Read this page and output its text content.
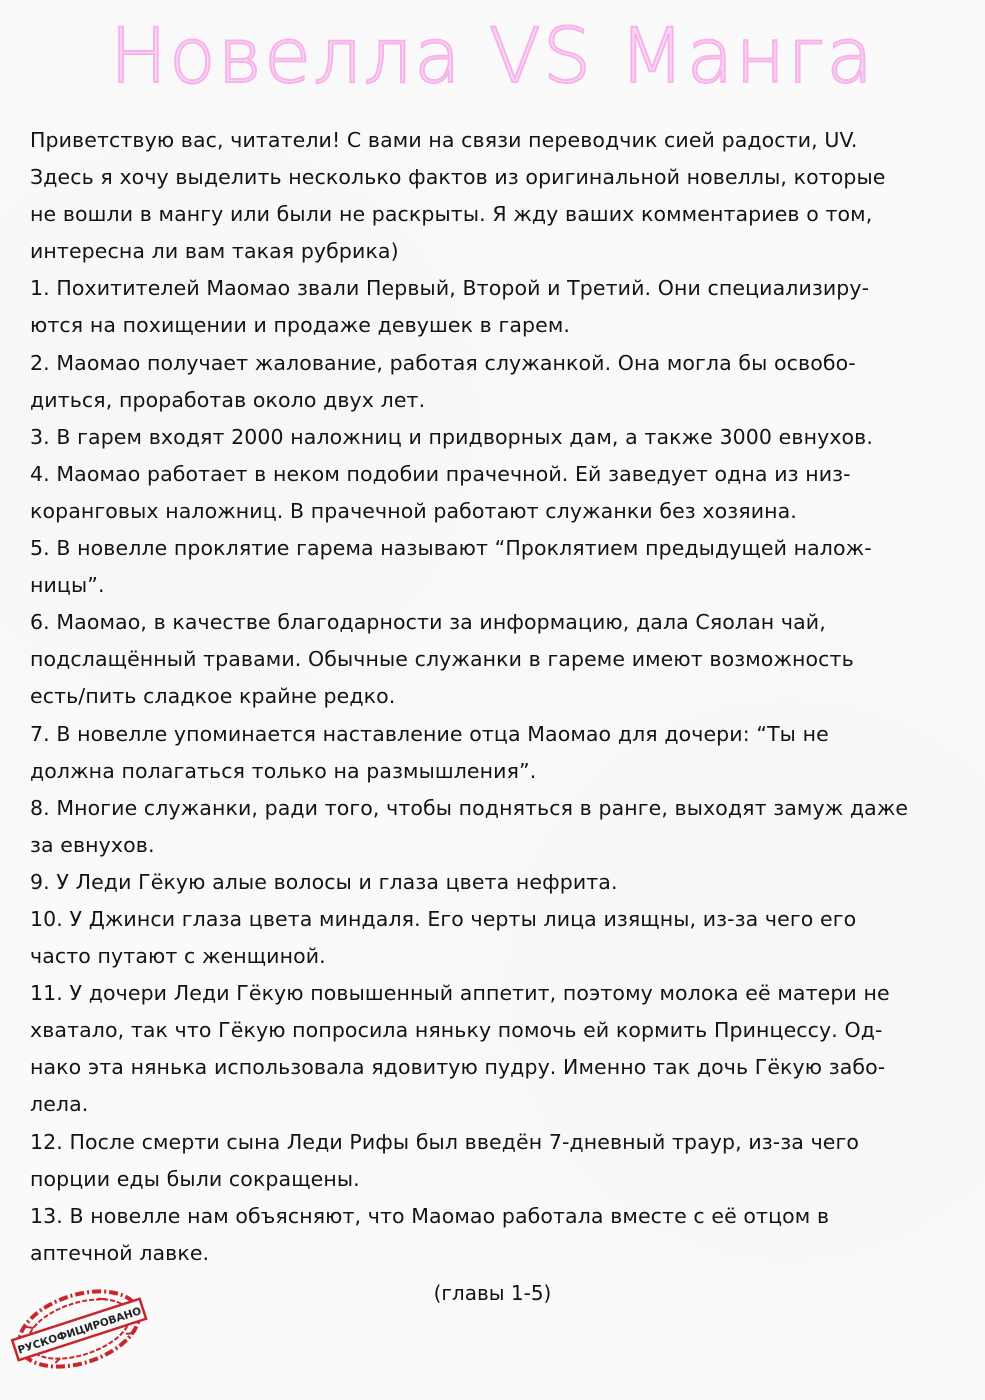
Новелла VS Манга
Приветствую вас, читатели! С вами на связи переводчик сией радости, UV.
Здесь я хочу выделить несколько фактов из оригинальной новеллы, которые
не вошли в мангу или были не раскрыты. Я жду ваших комментариев о том,
интересна ли вам такая рубрика)
1. Похитителей Маомао звали Первый, Второй и Третий. Они специализиру-
ются на похищении и продаже девушек в гарем.
2. Маомао получает жалование, работая служанкой. Она могла бы освобо-
диться, проработав около двух лет.
3. В гарем входят 2000 наложниц и придворных дам, а также 3000 евнухов.
4. Маомао работает в неком подобии прачечной. Ей заведует одна из низ-
корангoвых наложниц. В прачечной работают служанки без хозяина.
5. В новелле проклятие гарема называют “Проклятием предыдущей налож-
ницы”.
6. Маомао, в качестве благодарности за информацию, дала Сяолан чай,
подслащённый травами. Обычные служанки в гареме имеют возможность
есть/пить сладкое крайне редко.
7. В новелле упоминается наставление отца Маомао для дочери: “Ты не
должна полагаться только на размышления”.
8. Многие служанки, ради того, чтобы подняться в ранге, выходят замуж даже
за евнухов.
9. У Леди Гёкую алые волосы и глаза цвета нефрита.
10. У Джинси глаза цвета миндаля. Его черты лица изящны, из-за чего его
часто путают с женщиной.
11. У дочери Леди Гёкую повышенный аппетит, поэтому молока её матери не
хватало, так что Гёкую попросила няньку помочь ей кормить Принцессу. Од-
нако эта нянька использовала ядовитую пудру. Именно так дочь Гёкую забо-
лела.
12. После смерти сына Леди Рифы был введён 7-дневный траур, из-за чего
порции еды были сокращены.
13. В новелле нам объясняют, что Маомао работала вместе с её отцом в
аптечной лавке.
(главы 1-5)
РУСКОФИЦИРОВАНО
